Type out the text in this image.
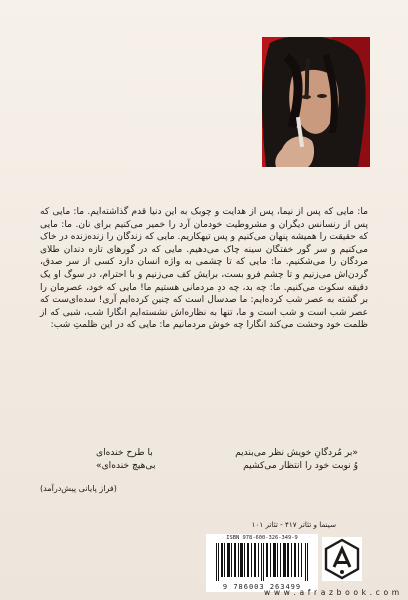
ما: مایی که پس از نیما، پس از هدایت و چوبک به این دنیا قدم گذاشته‌ایم. ما: مایی که پس از رنسانس دیگران و مشروطیت خودمان آرد را خمیر می‌کنیم برای نان. ما: مایی که حقیقت را همیشه پنهان می‌کنیم و پس تیهکاریم. مایی که زندگان را زنده‌زنده در خاک می‌کنیم و سر گور خفتگان سینه چاک می‌دهیم. مایی که در گورهای تازه دندان طلای مردگان را می‌شکنیم. ما: مایی که تا چشمی به واژه انسان دارد کسی از سر صدق، گردن‌اش می‌زنیم و تا چشم فرو بست، برایش کف می‌زنیم و با احترام، در سوگ او یک دقیقه سکوت می‌کنیم. ما: چه بد، چه ددِ مردمانی هستیم ما! مایی که خود، عصرمان را بر گشته به عصر شب کرده‌ایم: ما صدسال است که چنین کرده‌ایم آری! سده‌ای‌ست که عصر شب است و شب است و ما، تنها به نظاره‌اش نشسته‌ایم انگارا شب، شبی که از ظلمت خود وحشت می‌کند انگارا چه خوش مردمانیم ما: مایی که در این ظلمتِ شب:

«بر مُردگانِ خویش نظر می‌بندیم
با طرح خنده‌ای
وُ نوبت خود را انتظار می‌کشیم
بی‌هیچ خنده‌ای»
(فراز پایانی پیش‌درآمد)
سینما و تئاتر ۴۱۷ - تئاتر ۱۰۱
ISBN 978-600-326-349-9
9 786003 263499
w w w . a f r a z b o o k . c o m
